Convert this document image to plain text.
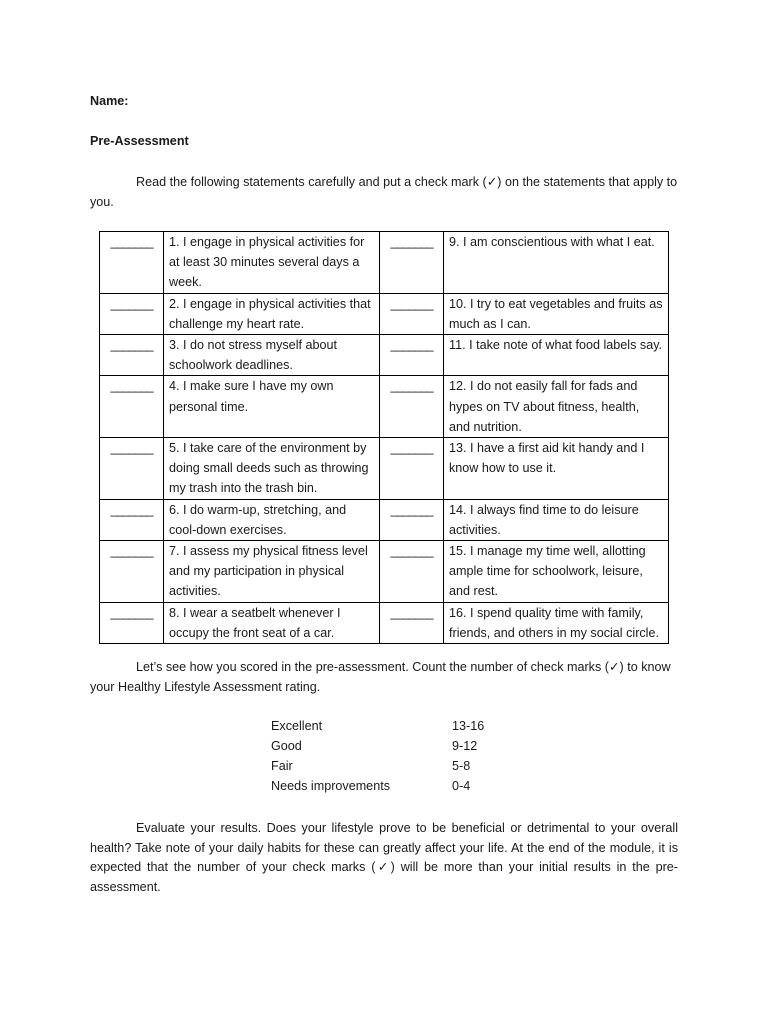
Name:
Pre-Assessment

Read the following statements carefully and put a check mark (✓) on the statements that apply to you.

_______	1. I engage in physical activities for at least 30 minutes several days a week.	_______	9. I am conscientious with what I eat.
_______	2. I engage in physical activities that challenge my heart rate.	_______	10. I try to eat vegetables and fruits as much as I can.
_______	3. I do not stress myself about schoolwork deadlines.	_______	11. I take note of what food labels say.
_______	4. I make sure I have my own personal time.	_______	12. I do not easily fall for fads and hypes on TV about fitness, health, and nutrition.
_______	5. I take care of the environment by doing small deeds such as throwing my trash into the trash bin.	_______	13. I have a first aid kit handy and I know how to use it.
_______	6. I do warm-up, stretching, and cool-down exercises.	_______	14. I always find time to do leisure activities.
_______	7. I assess my physical fitness level and my participation in physical activities.	_______	15. I manage my time well, allotting ample time for schoolwork, leisure, and rest.
_______	8. I wear a seatbelt whenever I occupy the front seat of a car.	_______	16. I spend quality time with family, friends, and others in my social circle.

Let’s see how you scored in the pre-assessment. Count the number of check marks (✓) to know your Healthy Lifestyle Assessment rating.

Excellent	13-16
Good	9-12
Fair	5-8
Needs improvements	0-4

Evaluate your results. Does your lifestyle prove to be beneficial or detrimental to your overall health? Take note of your daily habits for these can greatly affect your life. At the end of the module, it is expected that the number of your check marks (✓) will be more than your initial results in the pre-assessment.
